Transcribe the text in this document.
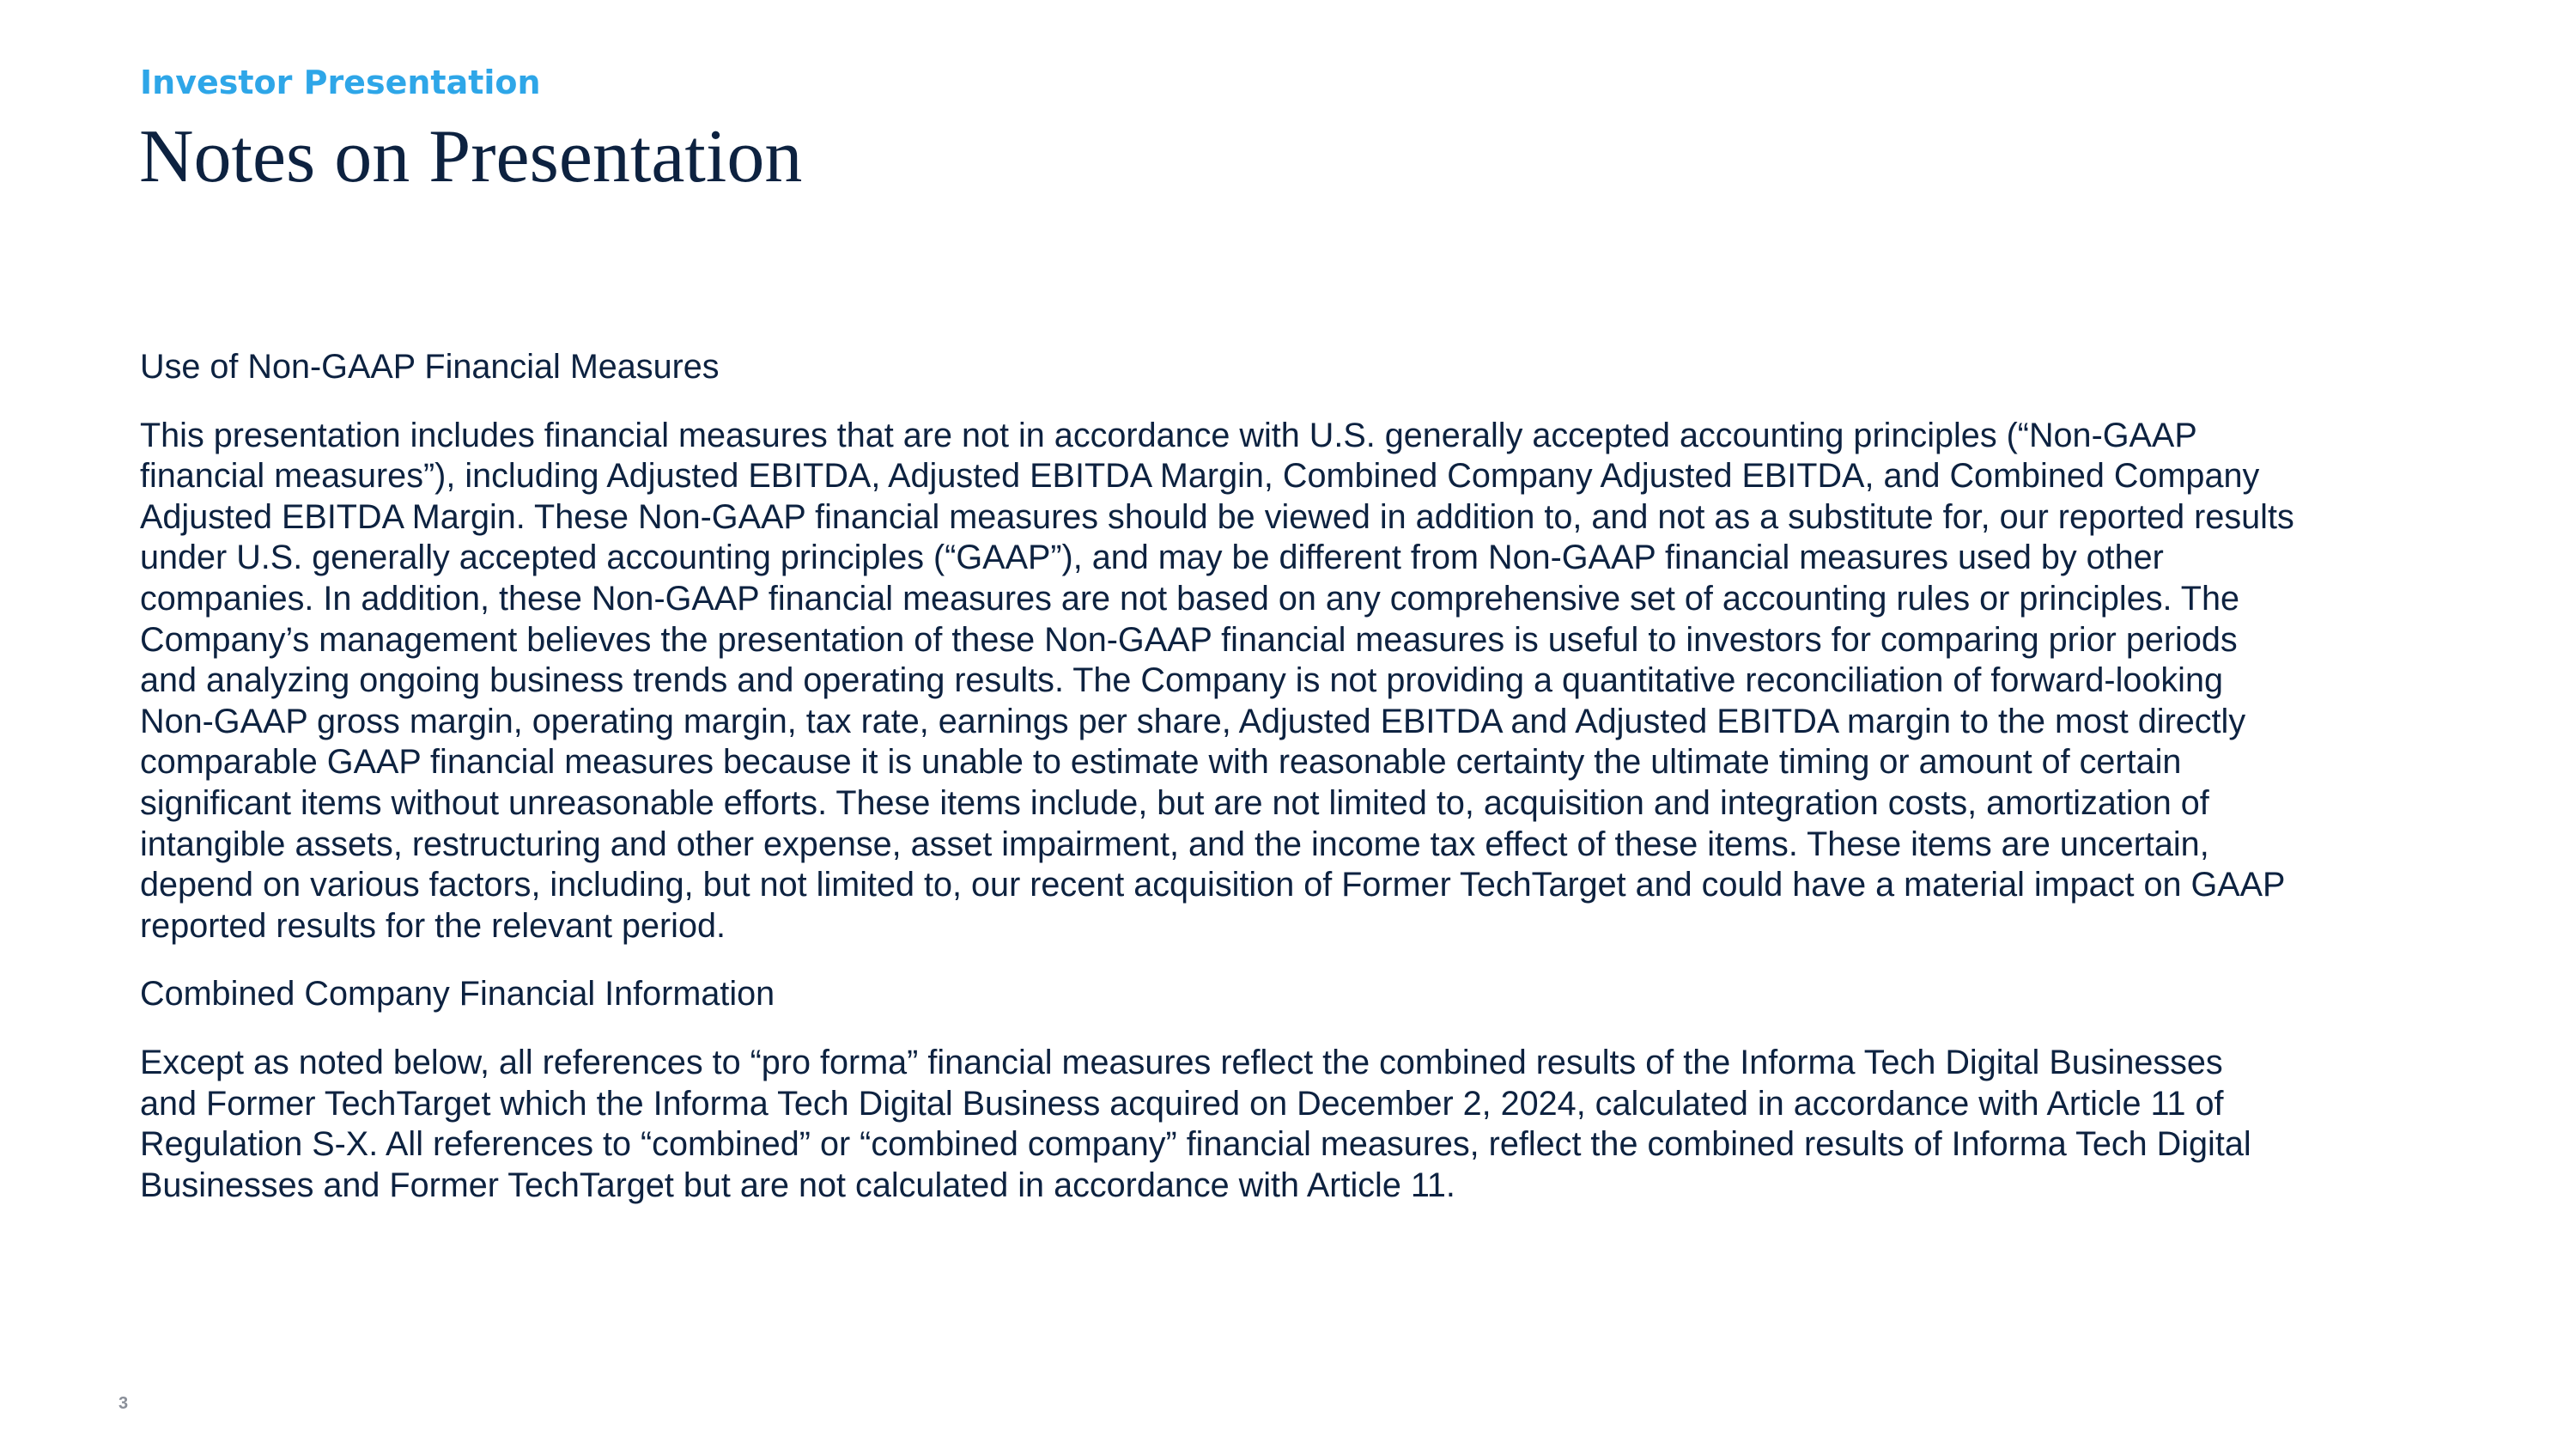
Investor Presentation
Notes on Presentation
Use of Non-GAAP Financial Measures
This presentation includes financial measures that are not in accordance with U.S. generally accepted accounting principles (“Non-GAAP
financial measures”), including Adjusted EBITDA, Adjusted EBITDA Margin, Combined Company Adjusted EBITDA, and Combined Company
Adjusted EBITDA Margin. These Non-GAAP financial measures should be viewed in addition to, and not as a substitute for, our reported results
under U.S. generally accepted accounting principles (“GAAP”), and may be different from Non-GAAP financial measures used by other
companies. In addition, these Non-GAAP financial measures are not based on any comprehensive set of accounting rules or principles. The
Company’s management believes the presentation of these Non-GAAP financial measures is useful to investors for comparing prior periods
and analyzing ongoing business trends and operating results. The Company is not providing a quantitative reconciliation of forward-looking
Non-GAAP gross margin, operating margin, tax rate, earnings per share, Adjusted EBITDA and Adjusted EBITDA margin to the most directly
comparable GAAP financial measures because it is unable to estimate with reasonable certainty the ultimate timing or amount of certain
significant items without unreasonable efforts. These items include, but are not limited to, acquisition and integration costs, amortization of
intangible assets, restructuring and other expense, asset impairment, and the income tax effect of these items. These items are uncertain,
depend on various factors, including, but not limited to, our recent acquisition of Former TechTarget and could have a material impact on GAAP
reported results for the relevant period.
Combined Company Financial Information
Except as noted below, all references to “pro forma” financial measures reflect the combined results of the Informa Tech Digital Businesses
and Former TechTarget which the Informa Tech Digital Business acquired on December 2, 2024, calculated in accordance with Article 11 of
Regulation S-X. All references to “combined” or “combined company” financial measures, reflect the combined results of Informa Tech Digital
Businesses and Former TechTarget but are not calculated in accordance with Article 11.
3
